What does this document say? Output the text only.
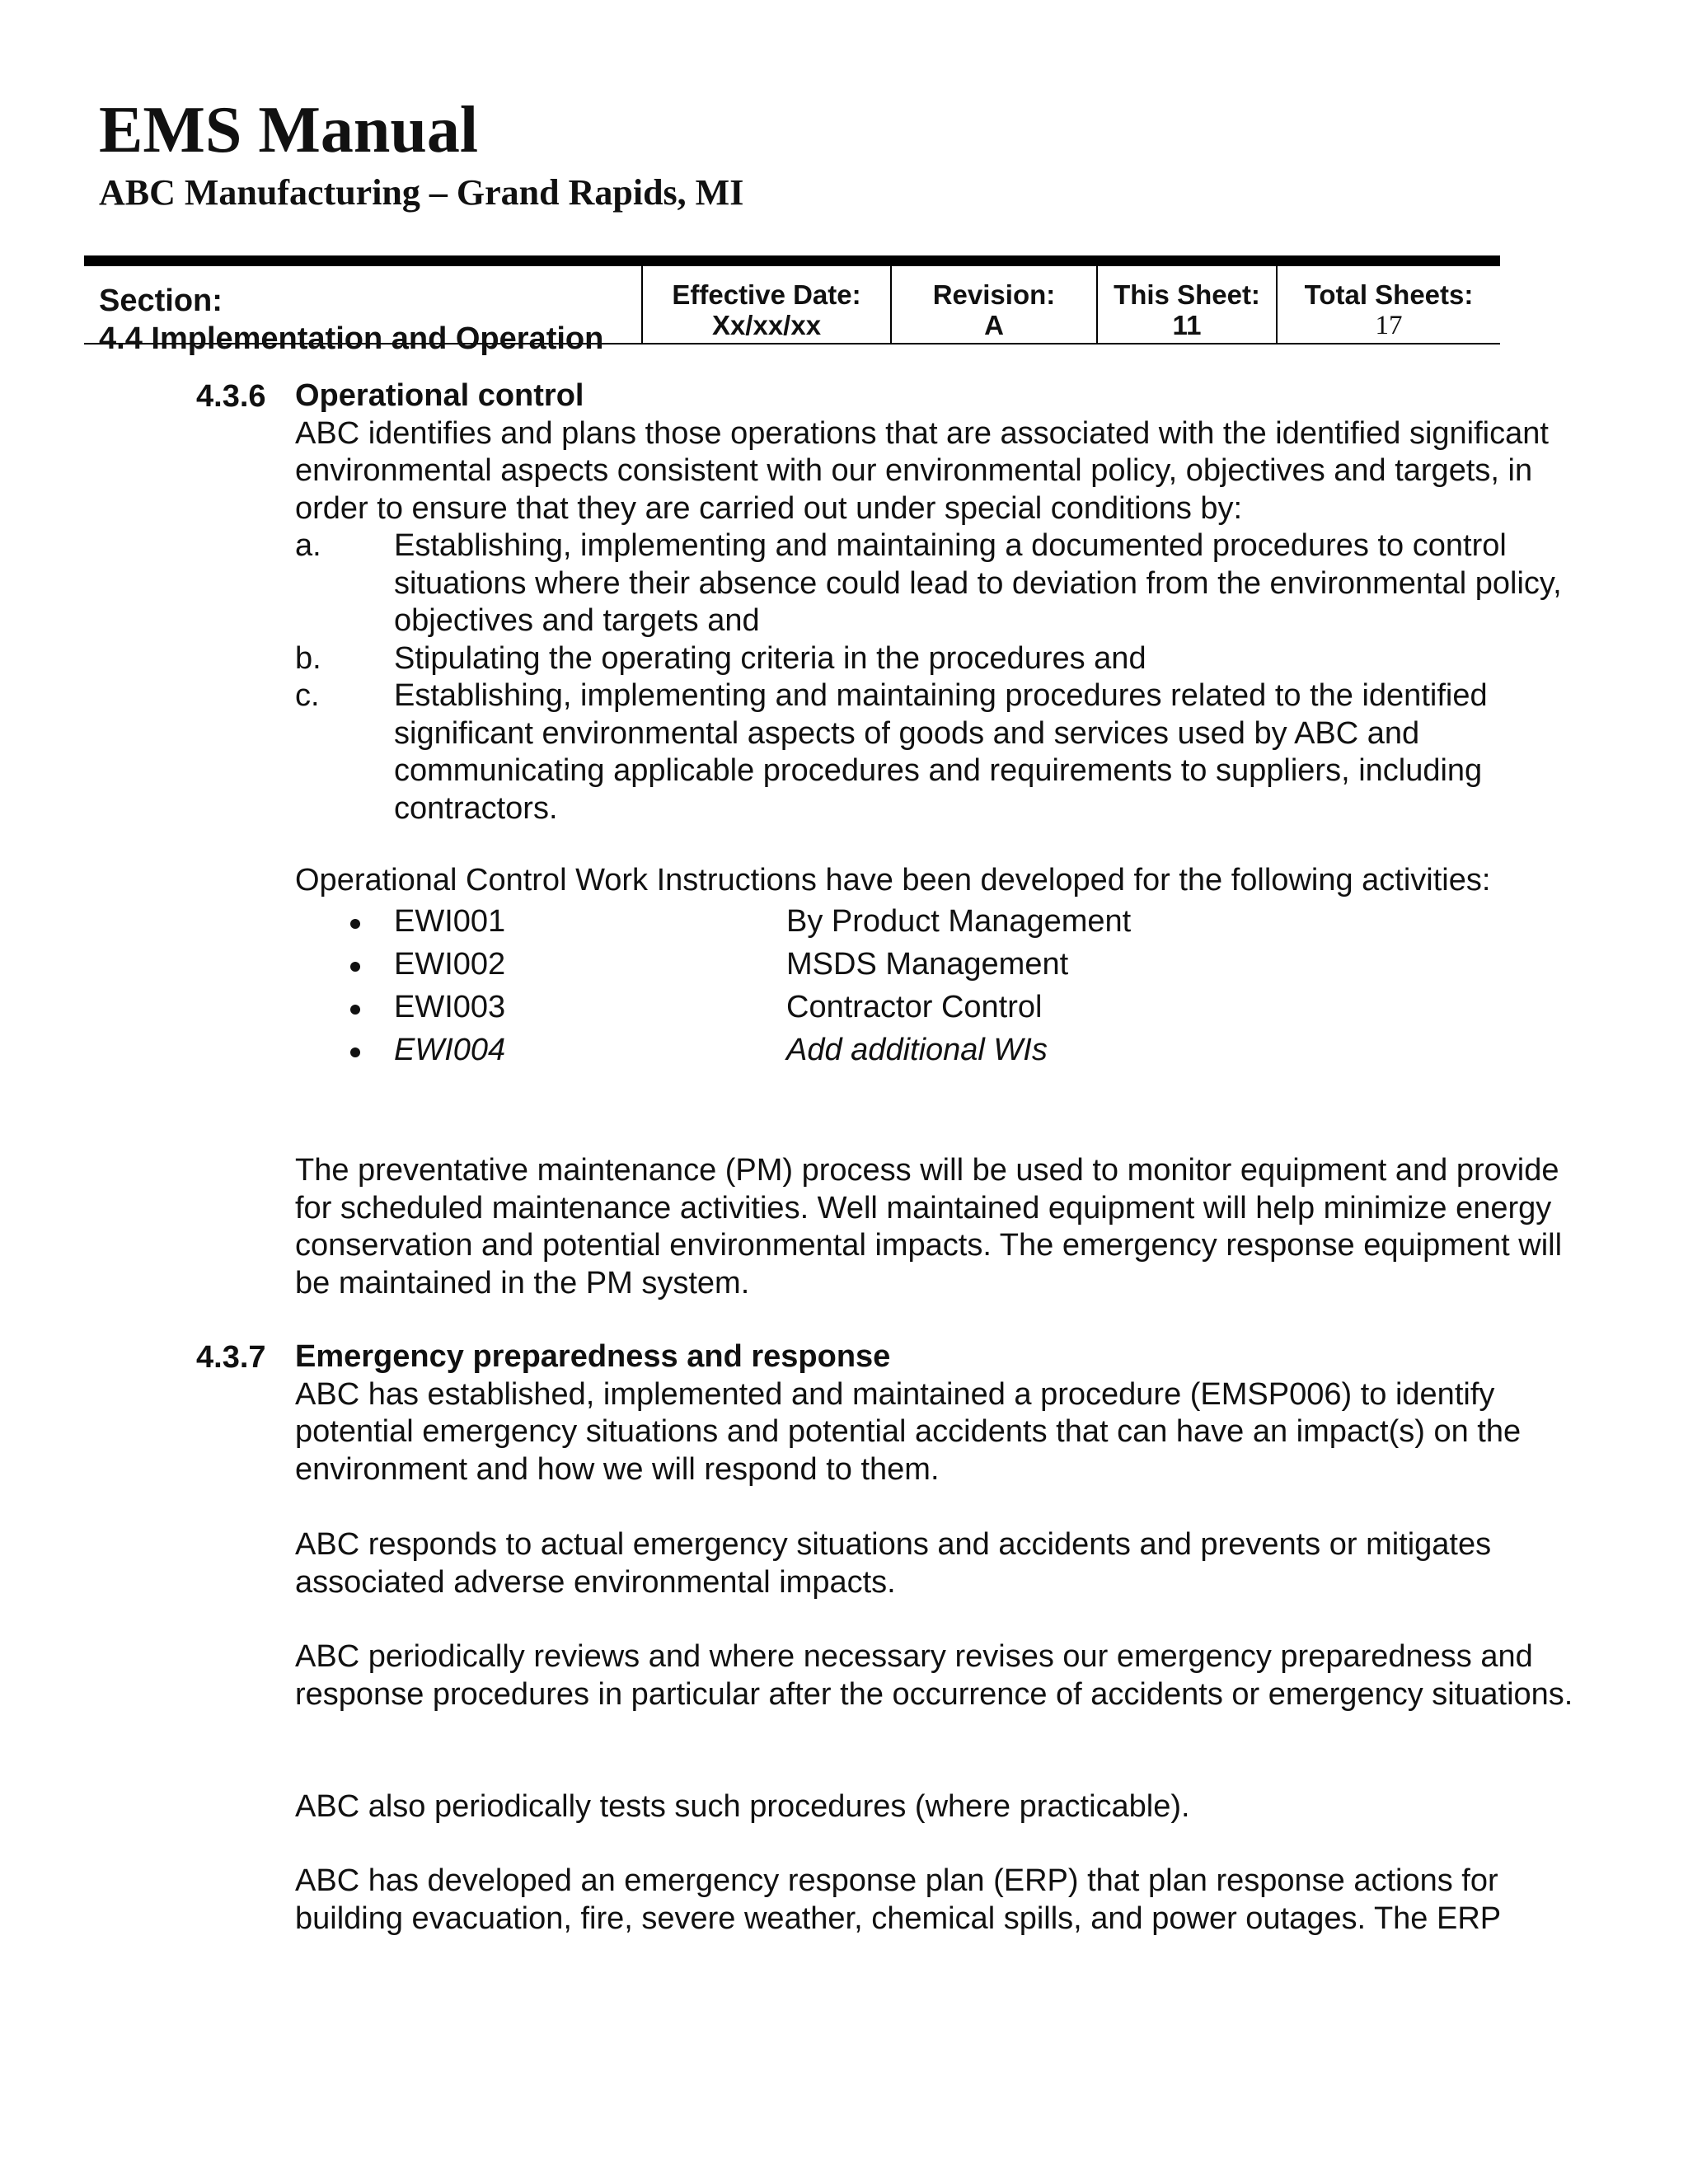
EMS Manual
ABC Manufacturing – Grand Rapids, MI
Section:
4.4 Implementation and Operation
Effective Date:
Xx/xx/xx
Revision:
A
This Sheet:
11
Total Sheets:
17
4.3.6 Operational control

ABC identifies and plans those operations that are associated with the identified significant environmental aspects consistent with our environmental policy, objectives and targets, in order to ensure that they are carried out under special conditions by:

a.	Establishing, implementing and maintaining a documented procedures to control situations where their absence could lead to deviation from the environmental policy, objectives and targets and
b.	Stipulating the operating criteria in the procedures and
c.	Establishing, implementing and maintaining procedures related to the identified significant environmental aspects of goods and services used by ABC and communicating applicable procedures and requirements to suppliers, including contractors.

Operational Control Work Instructions have been developed for the following activities:

EWI001	By Product Management
EWI002	MSDS Management
EWI003	Contractor Control
EWI004	Add additional WIs

The preventative maintenance (PM) process will be used to monitor equipment and provide for scheduled maintenance activities. Well maintained equipment will help minimize energy conservation and potential environmental impacts. The emergency response equipment will be maintained in the PM system.

4.3.7 Emergency preparedness and response

ABC has established, implemented and maintained a procedure (EMSP006) to identify potential emergency situations and potential accidents that can have an impact(s) on the environment and how we will respond to them.

ABC responds to actual emergency situations and accidents and prevents or mitigates associated adverse environmental impacts.

ABC periodically reviews and where necessary revises our emergency preparedness and response procedures in particular after the occurrence of accidents or emergency situations.

ABC also periodically tests such procedures (where practicable).

ABC has developed an emergency response plan (ERP) that plan response actions for building evacuation, fire, severe weather, chemical spills, and power outages. The ERP
